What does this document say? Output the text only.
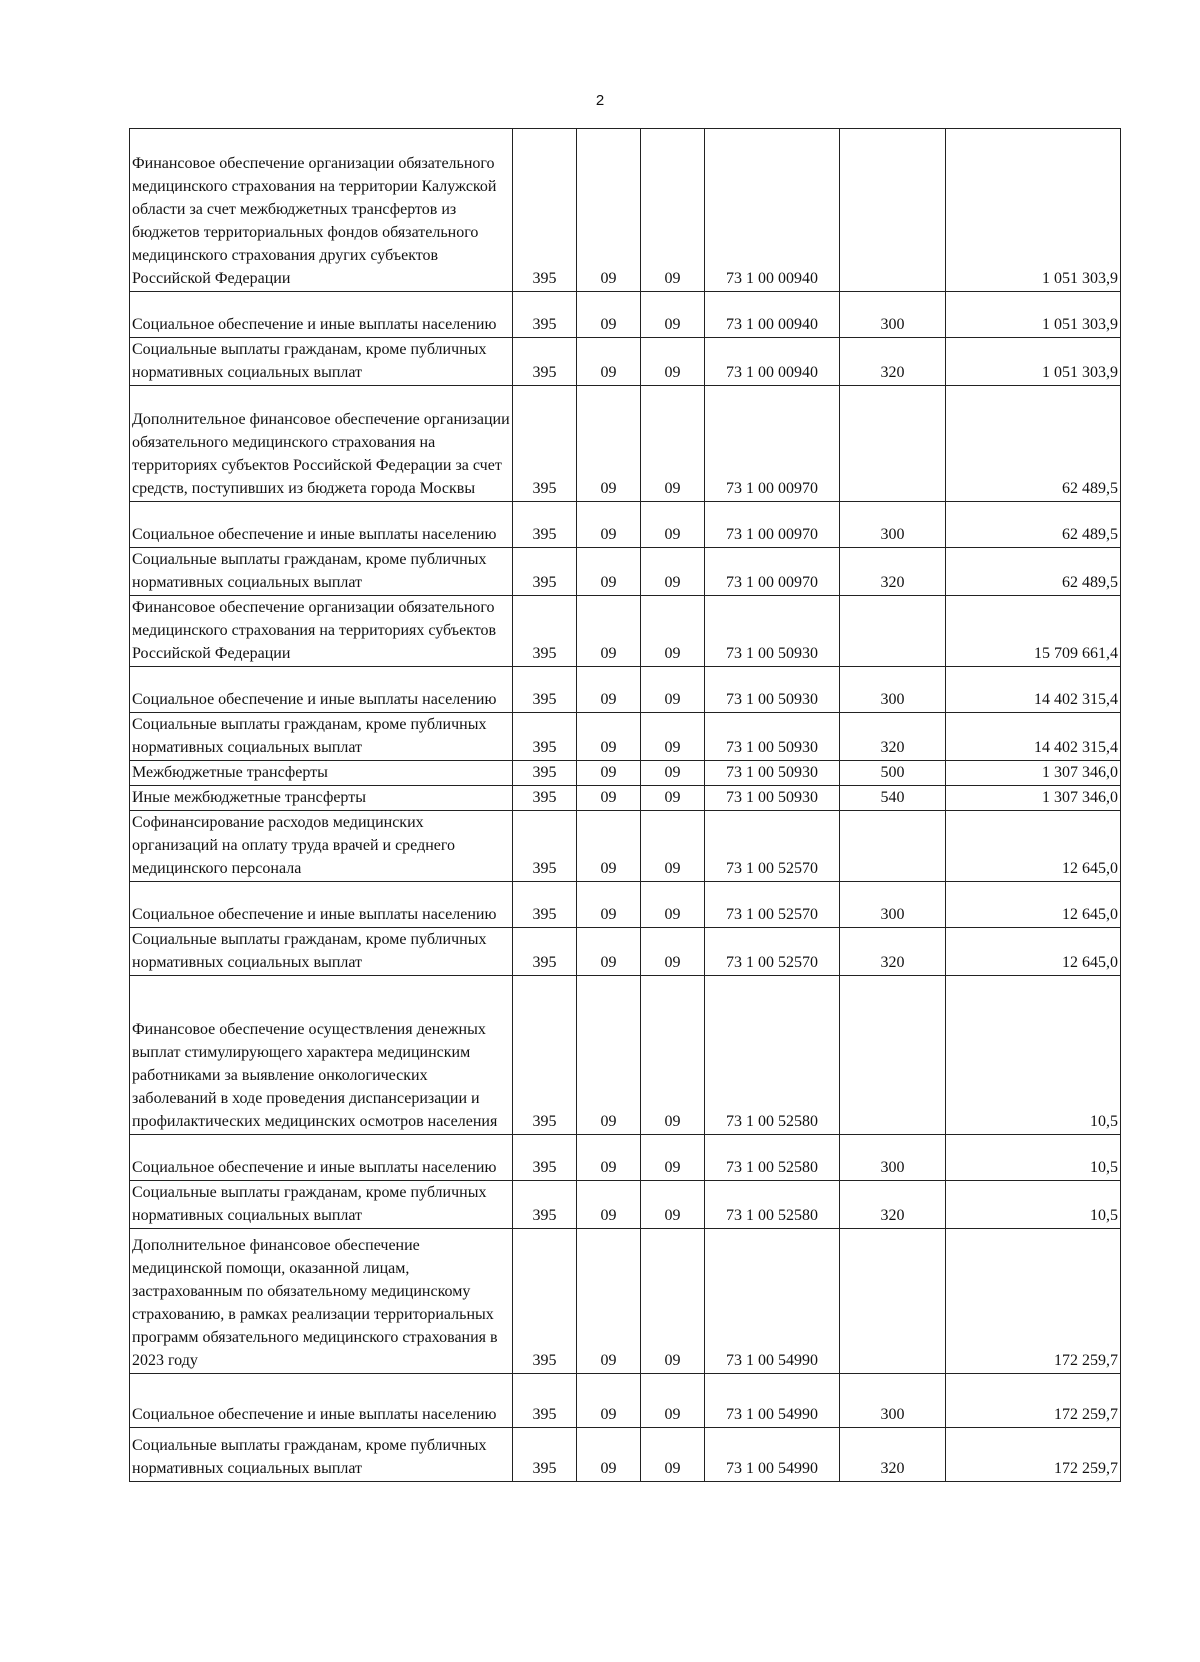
2
Финансовое обеспечение организации обязательного медицинского страхования на территории Калужской области за счет межбюджетных трансфертов из бюджетов территориальных фондов обязательного медицинского страхования других субъектов Российской Федерации	395	09	09	73 1 00 00940		1 051 303,9
Социальное обеспечение и иные выплаты населению	395	09	09	73 1 00 00940	300	1 051 303,9
Социальные выплаты гражданам, кроме публичных нормативных социальных выплат	395	09	09	73 1 00 00940	320	1 051 303,9
Дополнительное финансовое обеспечение организации обязательного медицинского страхования на территориях субъектов Российской Федерации за счет средств, поступивших из бюджета города Москвы	395	09	09	73 1 00 00970		62 489,5
Социальное обеспечение и иные выплаты населению	395	09	09	73 1 00 00970	300	62 489,5
Социальные выплаты гражданам, кроме публичных нормативных социальных выплат	395	09	09	73 1 00 00970	320	62 489,5
Финансовое обеспечение организации обязательного медицинского страхования на территориях субъектов Российской Федерации	395	09	09	73 1 00 50930		15 709 661,4
Социальное обеспечение и иные выплаты населению	395	09	09	73 1 00 50930	300	14 402 315,4
Социальные выплаты гражданам, кроме публичных нормативных социальных выплат	395	09	09	73 1 00 50930	320	14 402 315,4
Межбюджетные трансферты	395	09	09	73 1 00 50930	500	1 307 346,0
Иные межбюджетные трансферты	395	09	09	73 1 00 50930	540	1 307 346,0
Софинансирование расходов медицинских организаций на оплату труда врачей и среднего медицинского персонала	395	09	09	73 1 00 52570		12 645,0
Социальное обеспечение и иные выплаты населению	395	09	09	73 1 00 52570	300	12 645,0
Социальные выплаты гражданам, кроме публичных нормативных социальных выплат	395	09	09	73 1 00 52570	320	12 645,0
Финансовое обеспечение осуществления денежных выплат стимулирующего характера медицинским работниками за выявление онкологических заболеваний в ходе проведения диспансеризации и профилактических медицинских осмотров населения	395	09	09	73 1 00 52580		10,5
Социальное обеспечение и иные выплаты населению	395	09	09	73 1 00 52580	300	10,5
Социальные выплаты гражданам, кроме публичных нормативных социальных выплат	395	09	09	73 1 00 52580	320	10,5
Дополнительное финансовое обеспечение медицинской помощи, оказанной лицам, застрахованным по обязательному медицинскому страхованию, в рамках реализации территориальных программ обязательного медицинского страхования в 2023 году	395	09	09	73 1 00 54990		172 259,7
Социальное обеспечение и иные выплаты населению	395	09	09	73 1 00 54990	300	172 259,7
Социальные выплаты гражданам, кроме публичных нормативных социальных выплат	395	09	09	73 1 00 54990	320	172 259,7
